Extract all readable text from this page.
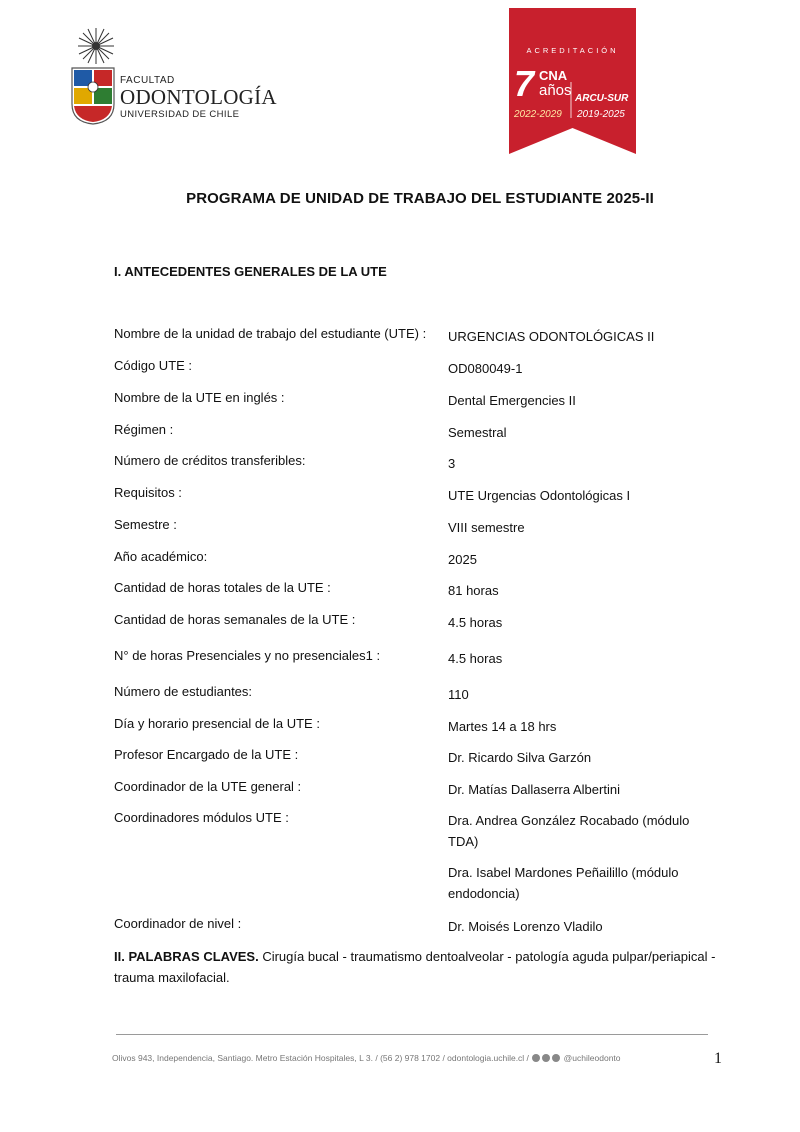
FACULTAD
ODONTOLOGÍA
UNIVERSIDAD DE CHILE
ACREDITACIÓN
7 CNA
años ARCU-SUR
2022-2029 2019-2025
PROGRAMA DE UNIDAD DE TRABAJO DEL ESTUDIANTE 2025-II
I. ANTECEDENTES GENERALES DE LA UTE
Nombre de la unidad de trabajo del estudiante (UTE) :	URGENCIAS ODONTOLÓGICAS II
Código UTE :	OD080049-1
Nombre de la UTE en inglés :	Dental Emergencies II
Régimen :	Semestral
Número de créditos transferibles:	3
Requisitos :	UTE Urgencias Odontológicas I
Semestre :	VIII semestre
Año académico:	2025
Cantidad de horas totales de la UTE :	81 horas
Cantidad de horas semanales de la UTE :	4.5 horas
N° de horas Presenciales y no presenciales1 :	4.5 horas
Número de estudiantes:	110
Día y horario presencial de la UTE :	Martes 14 a 18 hrs
Profesor Encargado de la UTE :	Dr. Ricardo Silva Garzón
Coordinador de la UTE general :	Dr. Matías Dallaserra Albertini
Coordinadores módulos UTE :	Dra. Andrea González Rocabado (módulo TDA)
Dra. Isabel Mardones Peñailillo (módulo endodoncia)
Coordinador de nivel :	Dr. Moisés Lorenzo Vladilo
II. PALABRAS CLAVES. Cirugía bucal - traumatismo dentoalveolar - patología aguda pulpar/periapical - trauma maxilofacial.
Olivos 943, Independencia, Santiago. Metro Estación Hospitales, L 3. / (56 2) 978 1702 / odontologia.uchile.cl /	@uchileodonto	1
